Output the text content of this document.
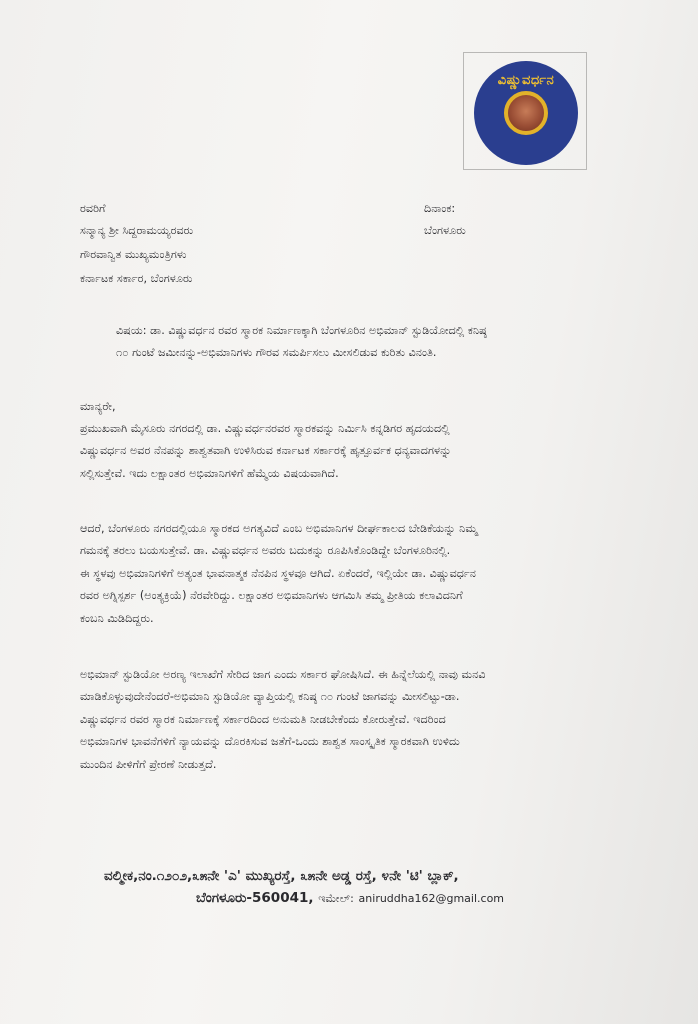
ವಿಷ್ಣುವರ್ಧನ
ರವರಿಗೆ
ಸನ್ಮಾನ್ಯ ಶ್ರೀ ಸಿದ್ದರಾಮಯ್ಯರವರು
ಗೌರವಾನ್ವಿತ ಮುಖ್ಯಮಂತ್ರಿಗಳು
ಕರ್ನಾಟಕ ಸರ್ಕಾರ, ಬೆಂಗಳೂರು
ದಿನಾಂಕ:
ಬೆಂಗಳೂರು
ವಿಷಯ: ಡಾ. ವಿಷ್ಣುವರ್ಧನ ರವರ ಸ್ಮಾರಕ ನಿರ್ಮಾಣಕ್ಕಾಗಿ ಬೆಂಗಳೂರಿನ ಅಭಿಮಾನ್ ಸ್ಟುಡಿಯೋದಲ್ಲಿ ಕನಿಷ್ಠ
೧೦ ಗುಂಟೆ ಜಮೀನನ್ನು-ಅಭಿಮಾನಿಗಳು ಗೌರವ ಸಮರ್ಪಿಸಲು ಮೀಸಲಿಡುವ ಕುರಿತು ವಿನಂತಿ.
ಮಾನ್ಯರೇ,
ಪ್ರಮುಖವಾಗಿ ಮೈಸೂರು ನಗರದಲ್ಲಿ ಡಾ. ವಿಷ್ಣುವರ್ಧನರವರ ಸ್ಮಾರಕವನ್ನು ನಿರ್ಮಿಸಿ ಕನ್ನಡಿಗರ ಹೃದಯದಲ್ಲಿ
ವಿಷ್ಣುವರ್ಧನ ಅವರ ನೆನಪನ್ನು ಶಾಶ್ವತವಾಗಿ ಉಳಿಸಿರುವ ಕರ್ನಾಟಕ ಸರ್ಕಾರಕ್ಕೆ ಹೃತ್ಪೂರ್ವಕ ಧನ್ಯವಾದಗಳನ್ನು
ಸಲ್ಲಿಸುತ್ತೇವೆ. ಇದು ಲಕ್ಷಾಂತರ ಅಭಿಮಾನಿಗಳಿಗೆ ಹೆಮ್ಮೆಯ ವಿಷಯವಾಗಿದೆ.
ಆದರೆ, ಬೆಂಗಳೂರು ನಗರದಲ್ಲಿಯೂ ಸ್ಮಾರಕದ ಅಗತ್ಯವಿದೆ ಎಂಬ ಅಭಿಮಾನಿಗಳ ದೀರ್ಘಕಾಲದ ಬೇಡಿಕೆಯನ್ನು ನಿಮ್ಮ
ಗಮನಕ್ಕೆ ತರಲು ಬಯಸುತ್ತೇವೆ. ಡಾ. ವಿಷ್ಣುವರ್ಧನ ಅವರು ಬದುಕನ್ನು ರೂಪಿಸಿಕೊಂಡಿದ್ದೇ ಬೆಂಗಳೂರಿನಲ್ಲಿ.
ಈ ಸ್ಥಳವು ಅಭಿಮಾನಿಗಳಿಗೆ ಅತ್ಯಂತ ಭಾವನಾತ್ಮಕ ನೆನಪಿನ ಸ್ಥಳವೂ ಆಗಿದೆ. ಏಕೆಂದರೆ, ಇಲ್ಲಿಯೇ ಡಾ. ವಿಷ್ಣುವರ್ಧನ
ರವರ ಅಗ್ನಿಸ್ಪರ್ಶ (ಅಂತ್ಯಕ್ರಿಯೆ) ನೆರವೇರಿದ್ದು. ಲಕ್ಷಾಂತರ ಅಭಿಮಾನಿಗಳು ಆಗಮಿಸಿ ತಮ್ಮ ಪ್ರೀತಿಯ ಕಲಾವಿದನಿಗೆ
ಕಂಬನಿ ಮಿಡಿದಿದ್ದರು.
ಅಭಿಮಾನ್ ಸ್ಟುಡಿಯೋ ಅರಣ್ಯ ಇಲಾಖೆಗೆ ಸೇರಿದ ಜಾಗ ಎಂದು ಸರ್ಕಾರ ಘೋಷಿಸಿದೆ. ಈ ಹಿನ್ನೆಲೆಯಲ್ಲಿ ನಾವು ಮನವಿ
ಮಾಡಿಕೊಳ್ಳುವುದೇನೆಂದರೆ-ಅಭಿಮಾನಿ ಸ್ಟುಡಿಯೋ ವ್ಯಾಪ್ತಿಯಲ್ಲಿ ಕನಿಷ್ಠ ೧೦ ಗುಂಟೆ ಜಾಗವನ್ನು ಮೀಸಲಿಟ್ಟು-ಡಾ.
ವಿಷ್ಣುವರ್ಧನ ರವರ ಸ್ಮಾರಕ ನಿರ್ಮಾಣಕ್ಕೆ ಸರ್ಕಾರದಿಂದ ಅನುಮತಿ ನೀಡಬೇಕೆಂದು ಕೋರುತ್ತೇವೆ. ಇದರಿಂದ
ಅಭಿಮಾನಿಗಳ ಭಾವನೆಗಳಿಗೆ ನ್ಯಾಯವನ್ನು ದೊರಕಿಸುವ ಜತೆಗೆ-ಒಂದು ಶಾಶ್ವತ ಸಾಂಸ್ಕೃತಿಕ ಸ್ಮಾರಕವಾಗಿ ಉಳಿದು
ಮುಂದಿನ ಪೀಳಿಗೆಗೆ ಪ್ರೇರಣೆ ನೀಡುತ್ತದೆ.
ವಲ್ಮೀಕ,ನಂ.೧೨೦೨,೩೫ನೇ 'ಎ' ಮುಖ್ಯರಸ್ತೆ, ೩೫ನೇ ಅಡ್ಡ ರಸ್ತೆ, ೪ನೇ 'ಟಿ' ಬ್ಲಾಕ್,
ಬೆಂಗಳೂರು-560041, ಇಮೇಲ್: aniruddha162@gmail.com
